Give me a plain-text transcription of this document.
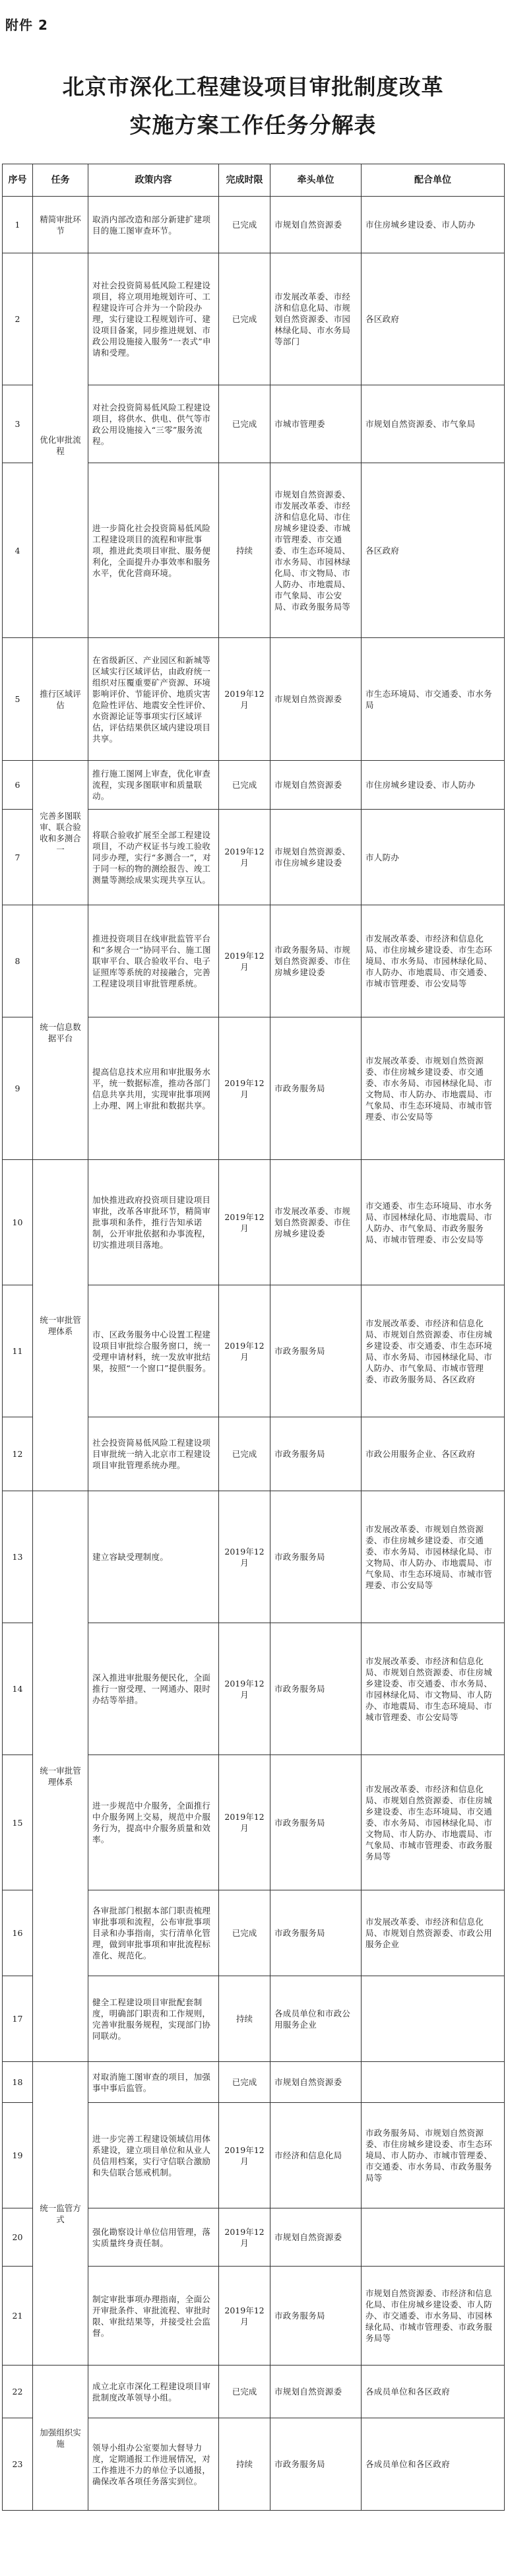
附件 2
北京市深化工程建设项目审批制度改革
实施方案工作任务分解表
序号	任务	政策内容	完成时限	牵头单位	配合单位
1	精简审批环节	取消内部改造和部分新建扩建项目的施工图审查环节。	已完成	市规划自然资源委	市住房城乡建设委、市人防办
2	优化审批流程	对社会投资简易低风险工程建设项目，将立项用地规划许可、工程建设许可合并为一个阶段办理，实行建设工程规划许可、建设项目备案，同步推进规划、市政公用设施接入服务“一表式”申请和受理。	已完成	市发展改革委、市经济和信息化局、市规划自然资源委、市园林绿化局、市水务局等部门	各区政府
3		对社会投资简易低风险工程建设项目，将供水、供电、供气等市政公用设施接入“三零”服务流程。	已完成	市城市管理委	市规划自然资源委、市气象局
4		进一步简化社会投资简易低风险工程建设项目的流程和审批事项，推进此类项目审批、服务便利化，全面提升办事效率和服务水平，优化营商环境。	持续	市规划自然资源委、市发展改革委、市经济和信息化局、市住房城乡建设委、市城市管理委、市交通委、市生态环境局、市水务局、市园林绿化局、市文物局、市人防办、市地震局、市气象局、市公安局、市政务服务局等	各区政府
5	推行区域评估	在省级新区、产业园区和新城等区域实行区域评估，由政府统一组织对压覆重要矿产资源、环境影响评价、节能评价、地质灾害危险性评估、地震安全性评价、水资源论证等事项实行区域评估，评估结果供区域内建设项目共享。	2019年12月	市规划自然资源委	市生态环境局、市交通委、市水务局
6	完善多图联审、联合验收和多测合一	推行施工图网上审查，优化审查流程，实现多图联审和质量联动。	已完成	市规划自然资源委	市住房城乡建设委、市人防办
7		将联合验收扩展至全部工程建设项目，不动产权证书与竣工验收同步办理，实行“多测合一”，对于同一标的物的测绘报告、竣工测量等测绘成果实现共享互认。	2019年12月	市规划自然资源委、市住房城乡建设委	市人防办
8	统一信息数据平台	推进投资项目在线审批监管平台和“多规合一”协同平台、施工图联审平台、联合验收平台、电子证照库等系统的对接融合，完善工程建设项目审批管理系统。	2019年12月	市政务服务局、市规划自然资源委、市住房城乡建设委	市发展改革委、市经济和信息化局、市住房城乡建设委、市生态环境局、市水务局、市园林绿化局、市人防办、市地震局、市交通委、市城市管理委、市公安局等
9		提高信息技术应用和审批服务水平，统一数据标准，推动各部门信息共享共用，实现审批事项网上办理、网上审批和数据共享。	2019年12月	市政务服务局	市发展改革委、市规划自然资源委、市住房城乡建设委、市交通委、市水务局、市园林绿化局、市文物局、市人防办、市地震局、市气象局、市生态环境局、市城市管理委、市公安局等
10	统一审批管理体系	加快推进政府投资项目建设项目审批，改革各审批环节，精简审批事项和条件，推行告知承诺制，公开审批依据和办事流程，切实推进项目落地。	2019年12月	市发展改革委、市规划自然资源委、市住房城乡建设委	市交通委、市生态环境局、市水务局、市园林绿化局、市地震局、市人防办、市气象局、市政务服务局、市城市管理委、市公安局等
11		市、区政务服务中心设置工程建设项目审批综合服务窗口，统一受理申请材料，统一发放审批结果，按照“一个窗口”提供服务。	2019年12月	市政务服务局	市发展改革委、市经济和信息化局、市规划自然资源委、市住房城乡建设委、市交通委、市生态环境局、市水务局、市园林绿化局、市人防办、市气象局、市城市管理委、市政务服务局、各区政府
12		社会投资简易低风险工程建设项目审批统一纳入北京市工程建设项目审批管理系统办理。	已完成	市政务服务局	市政公用服务企业、各区政府
13	统一审批管理体系	建立容缺受理制度。	2019年12月	市政务服务局	市发展改革委、市规划自然资源委、市住房城乡建设委、市交通委、市水务局、市园林绿化局、市文物局、市人防办、市地震局、市气象局、市生态环境局、市城市管理委、市公安局等
14		深入推进审批服务便民化，全面推行一窗受理、一网通办、限时办结等举措。	2019年12月	市政务服务局	市发展改革委、市经济和信息化局、市规划自然资源委、市住房城乡建设委、市交通委、市水务局、市园林绿化局、市文物局、市人防办、市地震局、市生态环境局、市城市管理委、市公安局等
15		进一步规范中介服务，全面推行中介服务网上交易，规范中介服务行为，提高中介服务质量和效率。	2019年12月	市政务服务局	市发展改革委、市经济和信息化局、市规划自然资源委、市住房城乡建设委、市生态环境局、市交通委、市水务局、市园林绿化局、市文物局、市人防办、市地震局、市气象局、市城市管理委、市政务服务局等
16		各审批部门根据本部门职责梳理审批事项和流程，公布审批事项目录和办事指南，实行清单化管理，做到审批事项和审批流程标准化、规范化。	已完成	市政务服务局	市发展改革委、市经济和信息化局、市规划自然资源委、市政公用服务企业
17		健全工程建设项目审批配套制度，明确部门职责和工作规则，完善审批服务规程，实现部门协同联动。	持续	各成员单位和市政公用服务企业	
18	统一监管方式	对取消施工图审查的项目，加强事中事后监管。	已完成	市规划自然资源委	
19		进一步完善工程建设领域信用体系建设，建立项目单位和从业人员信用档案，实行守信联合激励和失信联合惩戒机制。	2019年12月	市经济和信息化局	市政务服务局、市规划自然资源委、市住房城乡建设委、市生态环境局、市人防办、市城市管理委、市交通委、市水务局、市政务服务局等
20		强化勘察设计单位信用管理，落实质量终身责任制。	2019年12月	市规划自然资源委	
21		制定审批事项办理指南，全面公开审批条件、审批流程、审批时限、审批结果等，并接受社会监督。	2019年12月	市政务服务局	市规划自然资源委、市经济和信息化局、市住房城乡建设委、市人防办、市交通委、市水务局、市园林绿化局、市城市管理委、市政务服务局等
22	加强组织实施	成立北京市深化工程建设项目审批制度改革领导小组。	已完成	市规划自然资源委	各成员单位和各区政府
23		领导小组办公室要加大督导力度，定期通报工作进展情况，对工作推进不力的单位予以通报，确保改革各项任务落实到位。	持续	市政务服务局	各成员单位和各区政府
